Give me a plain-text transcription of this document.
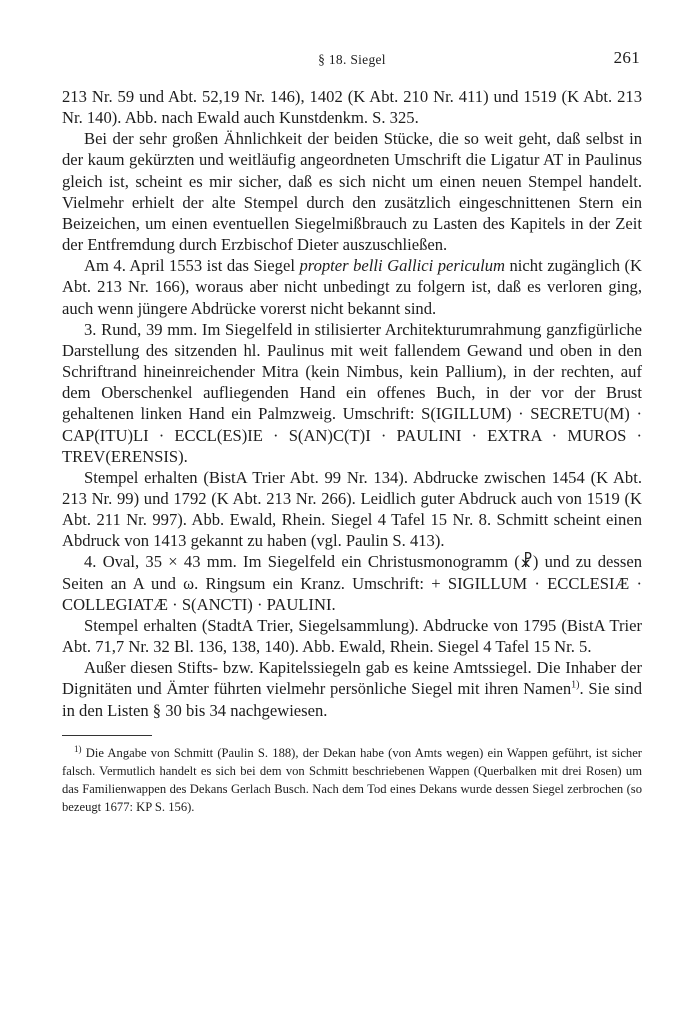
§ 18. Siegel	261

213 Nr. 59 und Abt. 52,19 Nr. 146), 1402 (K Abt. 210 Nr. 411) und 1519 (K Abt. 213 Nr. 140). Abb. nach Ewald auch Kunstdenkm. S. 325.

Bei der sehr großen Ähnlichkeit der beiden Stücke, die so weit geht, daß selbst in der kaum gekürzten und weitläufig angeordneten Umschrift die Ligatur AT in Paulinus gleich ist, scheint es mir sicher, daß es sich nicht um einen neuen Stempel handelt. Vielmehr erhielt der alte Stempel durch den zusätzlich eingeschnittenen Stern ein Beizeichen, um einen eventuellen Siegelmißbrauch zu Lasten des Kapitels in der Zeit der Entfremdung durch Erzbischof Dieter auszuschließen.

Am 4. April 1553 ist das Siegel propter belli Gallici periculum nicht zugänglich (K Abt. 213 Nr. 166), woraus aber nicht unbedingt zu folgern ist, daß es verloren ging, auch wenn jüngere Abdrücke vorerst nicht bekannt sind.

3. Rund, 39 mm. Im Siegelfeld in stilisierter Architekturumrahmung ganzfigürliche Darstellung des sitzenden hl. Paulinus mit weit fallendem Gewand und oben in den Schriftrand hineinreichender Mitra (kein Nimbus, kein Pallium), in der rechten, auf dem Oberschenkel aufliegenden Hand ein offenes Buch, in der vor der Brust gehaltenen linken Hand ein Palmzweig. Umschrift: S(IGILLUM) · SECRETU(M) · CAP(ITU)LI · ECCL(ES)IE · S(AN)C(T)I · PAULINI · EXTRA · MUROS · TREV(ERENSIS).

Stempel erhalten (BistA Trier Abt. 99 Nr. 134). Abdrucke zwischen 1454 (K Abt. 213 Nr. 99) und 1792 (K Abt. 213 Nr. 266). Leidlich guter Abdruck auch von 1519 (K Abt. 211 Nr. 997). Abb. Ewald, Rhein. Siegel 4 Tafel 15 Nr. 8. Schmitt scheint einen Abdruck von 1413 gekannt zu haben (vgl. Paulin S. 413).

4. Oval, 35 × 43 mm. Im Siegelfeld ein Christusmonogramm (☧) und zu dessen Seiten an A und ω. Ringsum ein Kranz. Umschrift: + SIGILLUM · ECCLESIÆ · COLLEGIATÆ · S(ANCTI) · PAULINI.

Stempel erhalten (StadtA Trier, Siegelsammlung). Abdrucke von 1795 (BistA Trier Abt. 71,7 Nr. 32 Bl. 136, 138, 140). Abb. Ewald, Rhein. Siegel 4 Tafel 15 Nr. 5.

Außer diesen Stifts- bzw. Kapitelssiegeln gab es keine Amtssiegel. Die Inhaber der Dignitäten und Ämter führten vielmehr persönliche Siegel mit ihren Namen$^{1)}$. Sie sind in den Listen § 30 bis 34 nachgewiesen.

$^{1)}$ Die Angabe von Schmitt (Paulin S. 188), der Dekan habe (von Amts wegen) ein Wappen geführt, ist sicher falsch. Vermutlich handelt es sich bei dem von Schmitt beschriebenen Wappen (Querbalken mit drei Rosen) um das Familienwappen des Dekans Gerlach Busch. Nach dem Tod eines Dekans wurde dessen Siegel zerbrochen (so bezeugt 1677: KP S. 156).
